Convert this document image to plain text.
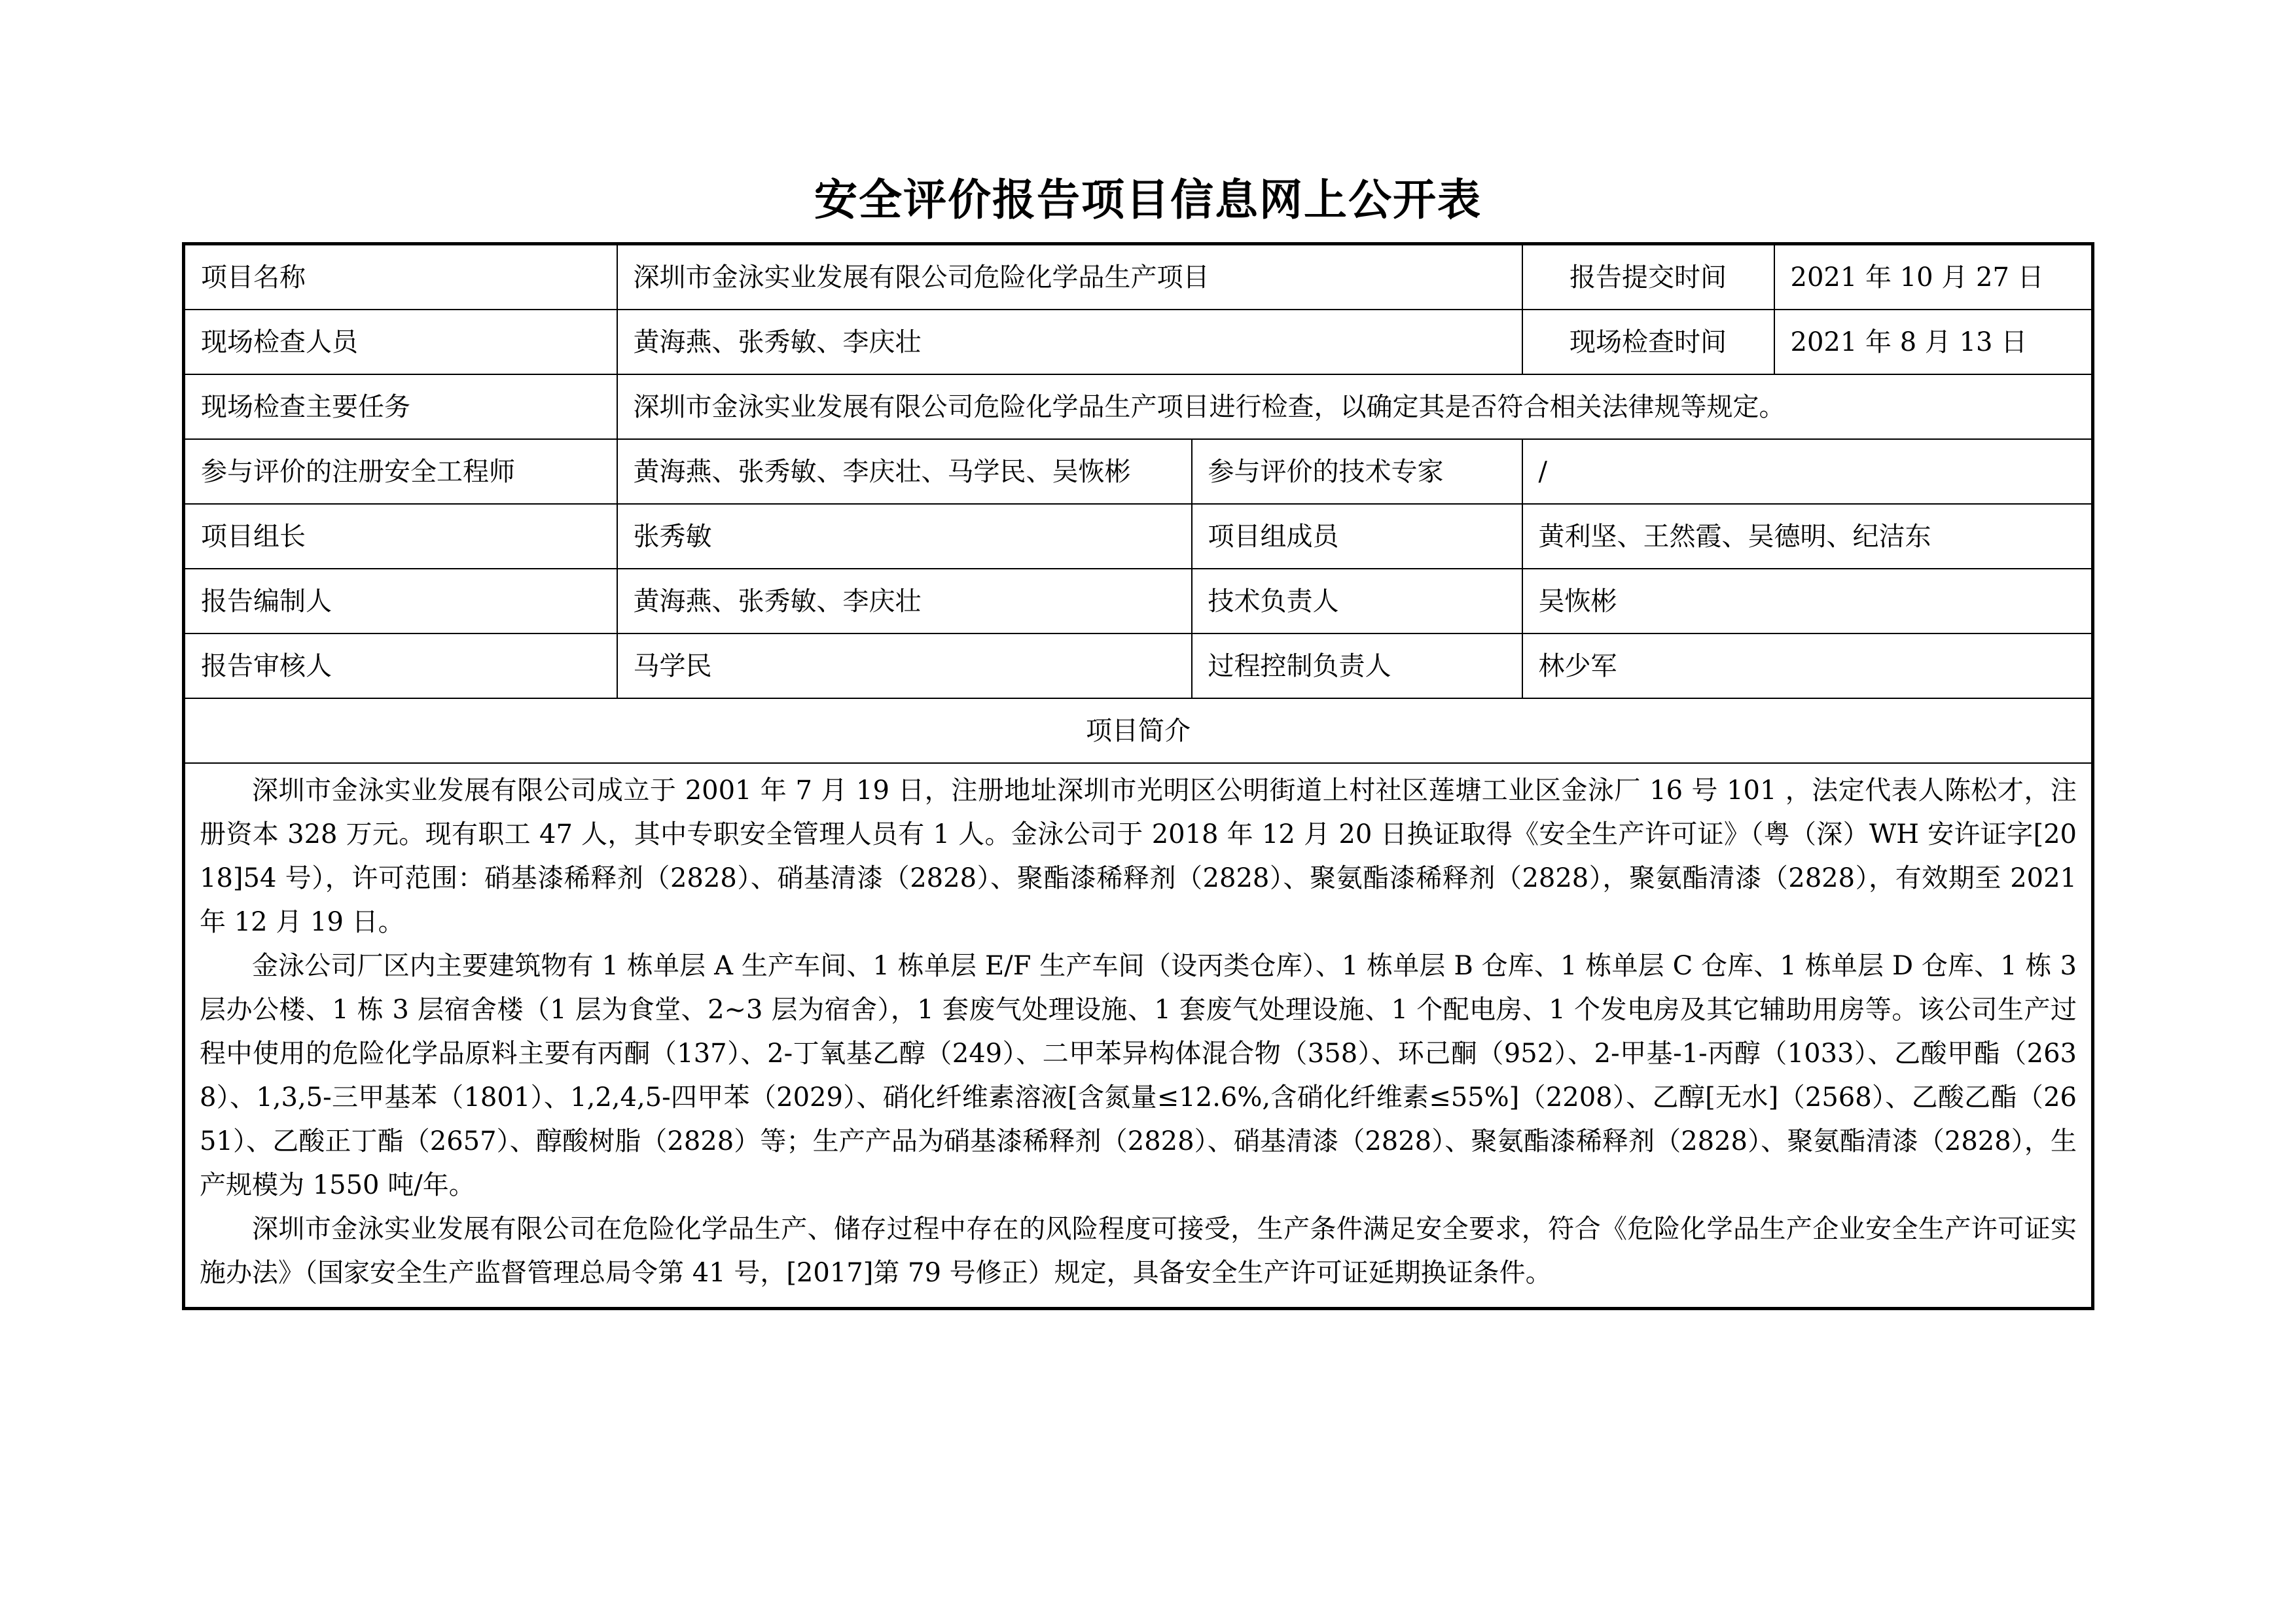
安全评价报告项目信息网上公开表
项目名称	深圳市金泳实业发展有限公司危险化学品生产项目		报告提交时间	2021 年 10 月 27 日
现场检查人员	黄海燕、张秀敏、李庆壮		现场检查时间	2021 年 8 月 13 日
现场检查主要任务	深圳市金泳实业发展有限公司危险化学品生产项目进行检查，以确定其是否符合相关法律规等规定。			
参与评价的注册安全工程师	黄海燕、张秀敏、李庆壮、马学民、吴恢彬	参与评价的技术专家	/	
项目组长	张秀敏	项目组成员	黄利坚、王然霞、吴德明、纪洁东	
报告编制人	黄海燕、张秀敏、李庆壮	技术负责人	吴恢彬	
报告审核人	马学民	过程控制负责人	林少军	
项目简介				

深圳市金泳实业发展有限公司成立于 2001 年 7 月 19 日，注册地址深圳市光明区公明街道上村社区莲塘工业区金泳厂 16 号 101 ，法定代表人陈松才，注册资本 328 万元。现有职工 47 人，其中专职安全管理人员有 1 人。金泳公司于 2018 年 12 月 20 日换证取得《安全生产许可证》（粤（深）WH 安许证字[2018]54 号），许可范围：硝基漆稀释剂（2828）、硝基清漆（2828）、聚酯漆稀释剂（2828）、聚氨酯漆稀释剂（2828），聚氨酯清漆（2828），有效期至 2021 年 12 月 19 日。

金泳公司厂区内主要建筑物有 1 栋单层 A 生产车间、1 栋单层 E/F 生产车间（设丙类仓库）、1 栋单层 B 仓库、1 栋单层 C 仓库、1 栋单层 D 仓库、1 栋 3 层办公楼、1 栋 3 层宿舍楼（1 层为食堂、2~3 层为宿舍），1 套废气处理设施、1 套废气处理设施、1 个配电房、1 个发电房及其它辅助用房等。该公司生产过程中使用的危险化学品原料主要有丙酮（137）、2-丁氧基乙醇（249）、二甲苯异构体混合物（358）、环己酮（952）、2-甲基-1-丙醇（1033）、乙酸甲酯（2638）、1,3,5-三甲基苯（1801）、1,2,4,5-四甲苯（2029）、硝化纤维素溶液[含氮量≤12.6%,含硝化纤维素≤55%]（2208）、乙醇[无水]（2568）、乙酸乙酯（2651）、乙酸正丁酯（2657）、醇酸树脂（2828）等；生产产品为硝基漆稀释剂（2828）、硝基清漆（2828）、聚氨酯漆稀释剂（2828）、聚氨酯清漆（2828），生产规模为 1550 吨/年。

深圳市金泳实业发展有限公司在危险化学品生产、储存过程中存在的风险程度可接受，生产条件满足安全要求，符合《危险化学品生产企业安全生产许可证实施办法》（国家安全生产监督管理总局令第 41 号，[2017]第 79 号修正）规定，具备安全生产许可证延期换证条件。				
